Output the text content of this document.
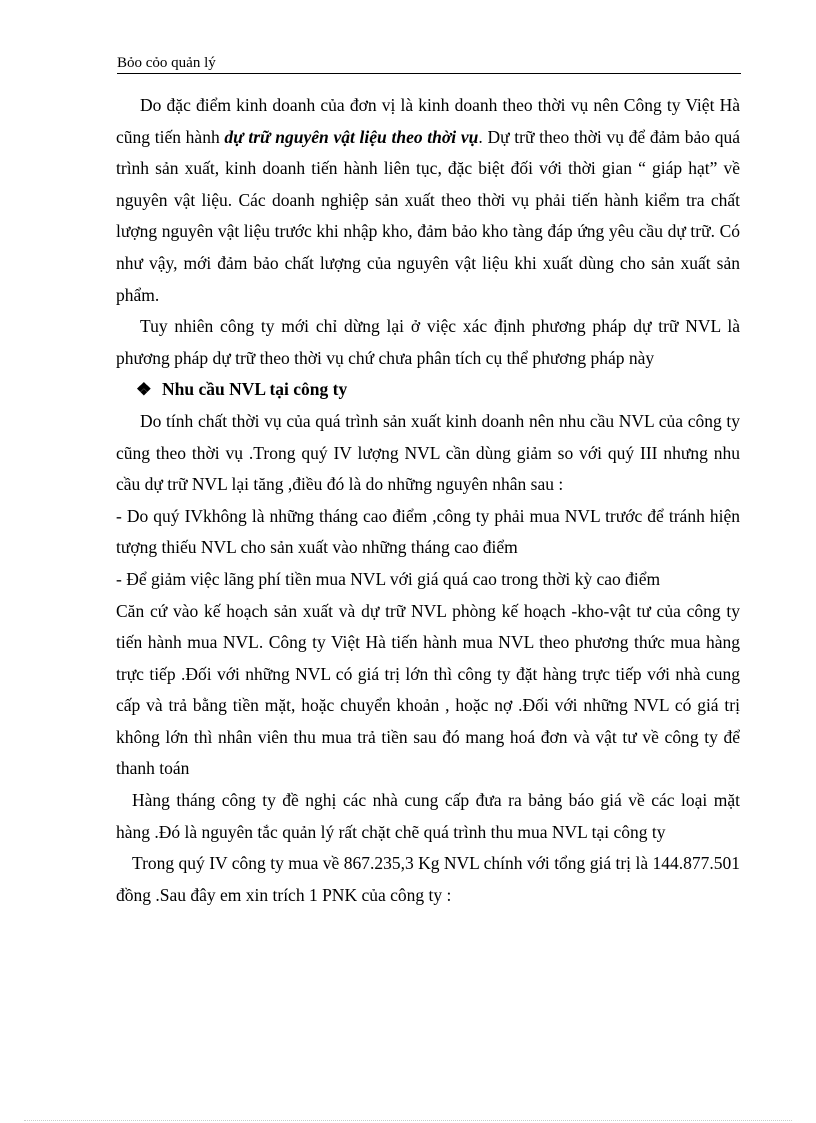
Bỏo cỏo quản lý

Do đặc điểm kinh doanh của đơn vị là kinh doanh theo thời vụ nên Công ty Việt Hà cũng tiến hành dự trữ nguyên vật liệu theo thời vụ. Dự trữ theo thời vụ để đảm bảo quá trình sản xuất, kinh doanh tiến hành liên tục, đặc biệt đối với thời gian “ giáp hạt” về nguyên vật liệu. Các doanh nghiệp sản xuất theo thời vụ phải tiến hành kiểm tra chất lượng nguyên vật liệu trước khi nhập kho, đảm bảo kho tàng đáp ứng yêu cầu dự trữ. Có như vậy, mới đảm bảo chất lượng của nguyên vật liệu khi xuất dùng cho sản xuất sản phẩm.

Tuy nhiên công ty mới chỉ dừng lại ở việc xác định phương pháp dự trữ NVL là phương pháp dự trữ theo thời vụ chứ chưa phân tích cụ thể phương pháp này

❖ Nhu cầu NVL tại công ty

Do tính chất thời vụ của quá trình sản xuất kinh doanh nên nhu cầu NVL của công ty cũng theo thời vụ .Trong quý IV lượng NVL cần dùng giảm so với quý III nhưng nhu cầu dự trữ NVL lại tăng ,điều đó là do những nguyên nhân sau :

- Do quý IVkhông là những tháng cao điểm ,công ty phải mua NVL trước để tránh hiện tượng thiếu NVL cho sản xuất vào những tháng cao điểm

- Để giảm việc lãng phí tiền mua NVL với giá quá cao trong thời kỳ cao điểm

Căn cứ vào kế hoạch sản xuất và dự trữ NVL phòng kế hoạch -kho-vật tư của công ty tiến hành mua NVL. Công ty Việt Hà tiến hành mua NVL theo phương thức mua hàng trực tiếp .Đối với những NVL có giá trị lớn thì công ty đặt hàng trực tiếp với nhà cung cấp và trả bằng tiền mặt, hoặc chuyển khoản , hoặc nợ .Đối với những NVL có giá trị không lớn thì nhân viên thu mua trả tiền sau đó mang hoá đơn và vật tư về công ty để thanh toán

Hàng tháng công ty đề nghị các nhà cung cấp đưa ra bảng báo giá về các loại mặt hàng .Đó là nguyên tắc quản lý rất chặt chẽ quá trình thu mua NVL tại công ty

Trong quý IV công ty mua về 867.235,3 Kg NVL chính với tổng giá trị là 144.877.501 đồng .Sau đây em xin trích 1 PNK của công ty :
